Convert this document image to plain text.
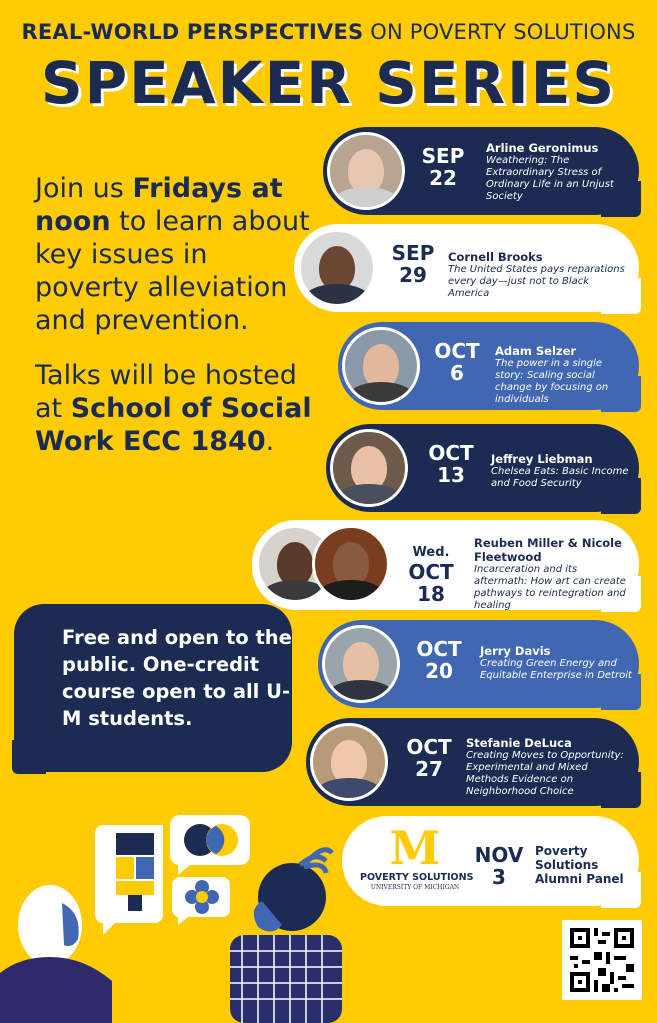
REAL-WORLD PERSPECTIVES ON POVERTY SOLUTIONS
SPEAKER SERIES

Join us Fridays at noon to learn about key issues in poverty alleviation and prevention.

Talks will be hosted at School of Social Work ECC 1840.

Free and open to the public. One-credit course open to all U-M students.
SEP
22
Arline Geronimus
Weathering: The Extraordinary Stress of Ordinary Life in an Unjust Society
SEP
29
Cornell Brooks
The United States pays reparations every day—just not to Black America
OCT
6
Adam Selzer
The power in a single story: Scaling social change by focusing on individuals
OCT
13
Jeffrey Liebman
Chelsea Eats: Basic Income and Food Security
Wed.
OCT
18
Reuben Miller & Nicole Fleetwood
Incarceration and its aftermath: How art can create pathways to reintegration and healing
OCT
20
Jerry Davis
Creating Green Energy and Equitable Enterprise in Detroit
OCT
27
Stefanie DeLuca
Creating Moves to Opportunity: Experimental and Mixed Methods Evidence on Neighborhood Choice
M
POVERTY SOLUTIONS
UNIVERSITY OF MICHIGAN
NOV
3
Poverty Solutions Alumni Panel
